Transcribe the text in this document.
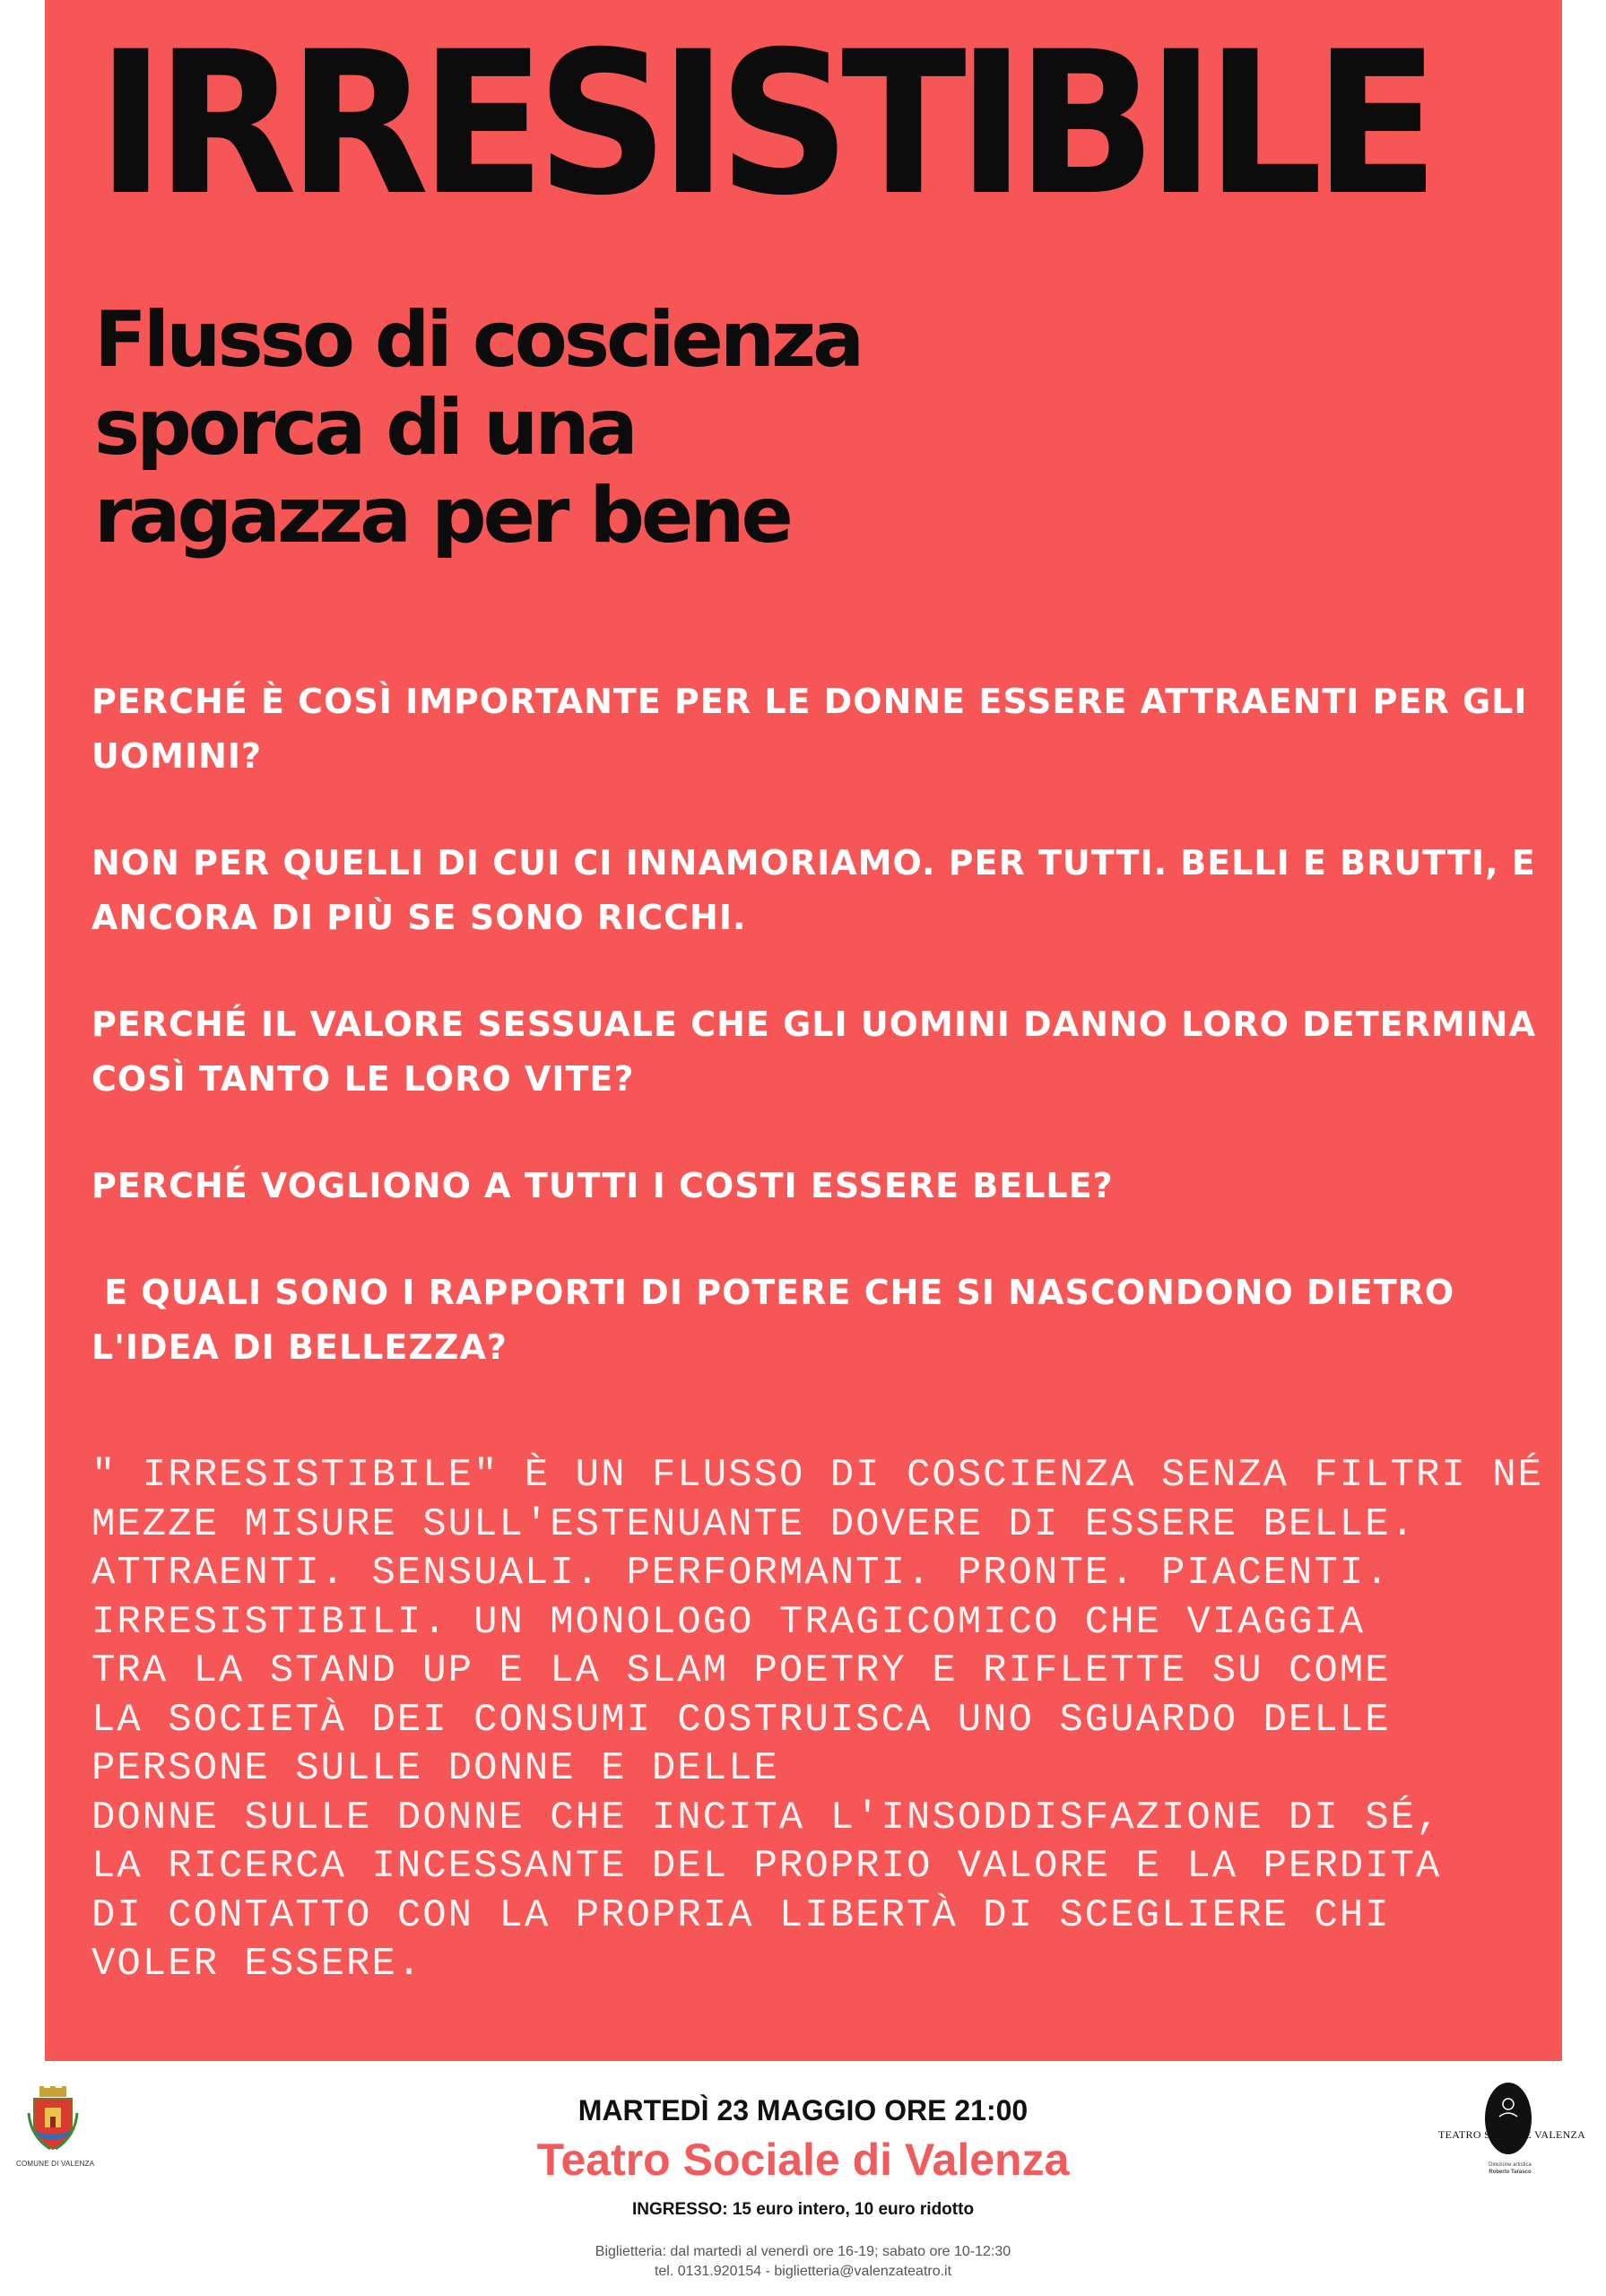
IRRESISTIBILE
Flusso di coscienza
sporca di una
ragazza per bene

PERCHÉ È COSÌ IMPORTANTE PER LE DONNE ESSERE ATTRAENTI PER GLI UOMINI?

NON PER QUELLI DI CUI CI INNAMORIAMO. PER TUTTI. BELLI E BRUTTI, E ANCORA DI PIÙ SE SONO RICCHI.

PERCHÉ IL VALORE SESSUALE CHE GLI UOMINI DANNO LORO DETERMINA COSÌ TANTO LE LORO VITE?

PERCHÉ VOGLIONO A TUTTI I COSTI ESSERE BELLE?

E QUALI SONO I RAPPORTI DI POTERE CHE SI NASCONDONO DIETRO L'IDEA DI BELLEZZA?

" IRRESISTIBILE" È UN FLUSSO DI COSCIENZA SENZA FILTRI NÉ
MEZZE MISURE SULL'ESTENUANTE DOVERE DI ESSERE BELLE.
ATTRAENTI. SENSUALI. PERFORMANTI. PRONTE. PIACENTI.
IRRESISTIBILI. UN MONOLOGO TRAGICOMICO CHE VIAGGIA
TRA LA STAND UP E LA SLAM POETRY E RIFLETTE SU COME
LA SOCIETÀ DEI CONSUMI COSTRUISCA UNO SGUARDO DELLE
PERSONE SULLE DONNE E DELLE
DONNE SULLE DONNE CHE INCITA L'INSODDISFAZIONE DI SÉ,
LA RICERCA INCESSANTE DEL PROPRIO VALORE E LA PERDITA
DI CONTATTO CON LA PROPRIA LIBERTÀ DI SCEGLIERE CHI
VOLER ESSERE.
COMUNE DI VALENZA
MARTEDÌ 23 MAGGIO ORE 21:00
Teatro Sociale di Valenza
INGRESSO: 15 euro intero, 10 euro ridotto
Biglietteria: dal martedì al venerdì ore 16-19; sabato ore 10-12:30
tel. 0131.920154 - biglietteria@valenzateatro.it
TEATRO SOCIALE VALENZA
Direzione artistica
Roberto Tarasco
